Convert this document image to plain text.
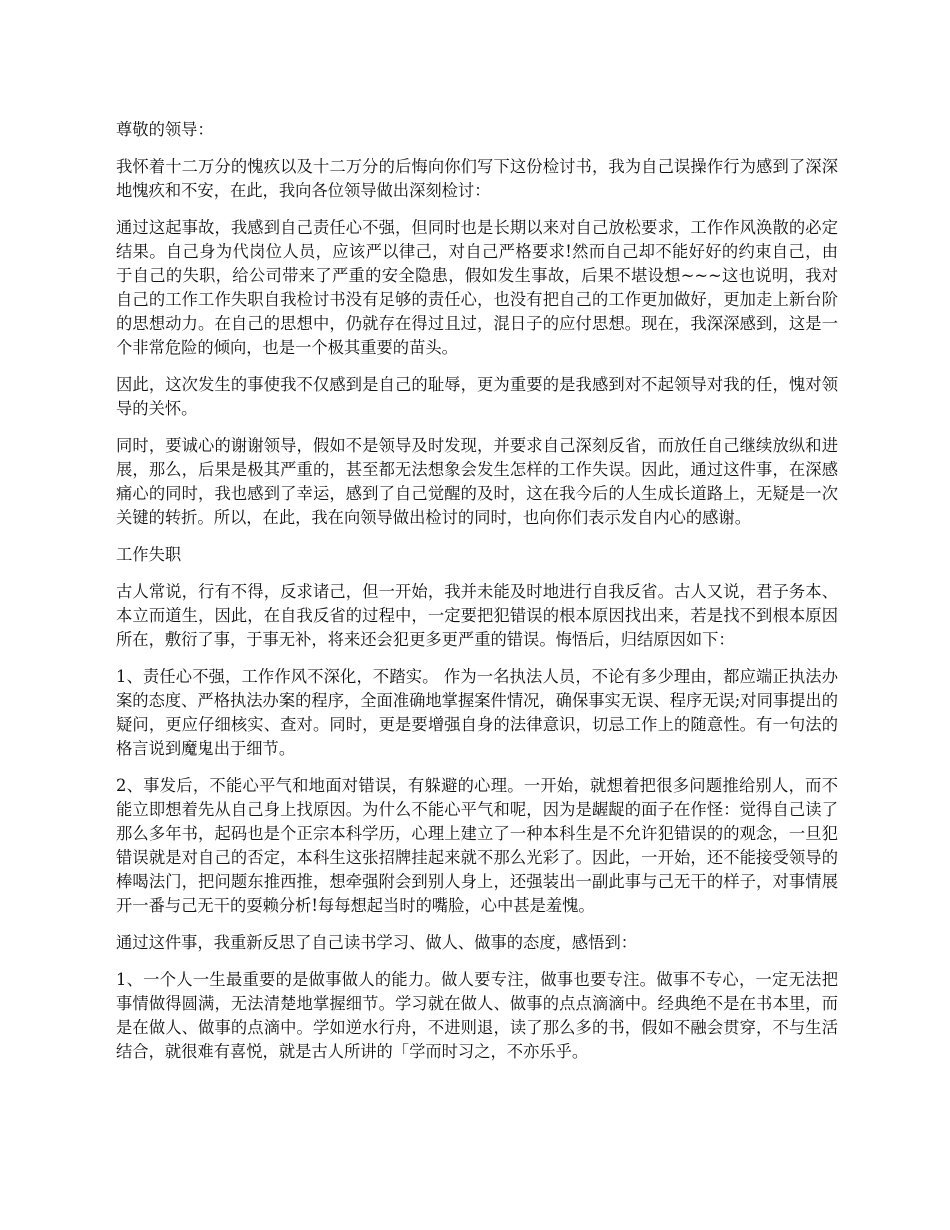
尊敬的领导：

我怀着十二万分的愧疚以及十二万分的后悔向你们写下这份检讨书，我为自己误操作行为感到了深深地愧疚和不安，在此，我向各位领导做出深刻检讨：

通过这起事故，我感到自己责任心不强，但同时也是长期以来对自己放松要求，工作作风涣散的必定结果。自己身为代岗位人员，应该严以律己，对自己严格要求!然而自己却不能好好的约束自己，由于自己的失职，给公司带来了严重的安全隐患，假如发生事故，后果不堪设想~~~这也说明，我对自己的工作工作失职自我检讨书没有足够的责任心，也没有把自己的工作更加做好，更加走上新台阶的思想动力。在自己的思想中，仍就存在得过且过，混日子的应付思想。现在，我深深感到，这是一个非常危险的倾向，也是一个极其重要的苗头。

因此，这次发生的事使我不仅感到是自己的耻辱，更为重要的是我感到对不起领导对我的任，愧对领导的关怀。

同时，要诚心的谢谢领导，假如不是领导及时发现，并要求自己深刻反省，而放任自己继续放纵和进展，那么，后果是极其严重的，甚至都无法想象会发生怎样的工作失误。因此，通过这件事，在深感痛心的同时，我也感到了幸运，感到了自己觉醒的及时，这在我今后的人生成长道路上，无疑是一次关键的转折。所以，在此，我在向领导做出检讨的同时，也向你们表示发自内心的感谢。

工作失职

古人常说，行有不得，反求诸己，但一开始，我并未能及时地进行自我反省。古人又说，君子务本、本立而道生，因此，在自我反省的过程中，一定要把犯错误的根本原因找出来，若是找不到根本原因所在，敷衍了事，于事无补，将来还会犯更多更严重的错误。悔悟后，归结原因如下：

1、责任心不强，工作作风不深化，不踏实。 作为一名执法人员，不论有多少理由，都应端正执法办案的态度、严格执法办案的程序，全面准确地掌握案件情况，确保事实无误、程序无误;对同事提出的疑问，更应仔细核实、查对。同时，更是要增强自身的法律意识，切忌工作上的随意性。有一句法的格言说到魔鬼出于细节。

2、事发后，不能心平气和地面对错误，有躲避的心理。一开始，就想着把很多问题推给别人，而不能立即想着先从自己身上找原因。为什么不能心平气和呢，因为是龌龊的面子在作怪：觉得自己读了那么多年书，起码也是个正宗本科学历，心理上建立了一种本科生是不允许犯错误的的观念，一旦犯错误就是对自己的否定，本科生这张招牌挂起来就不那么光彩了。因此，一开始，还不能接受领导的棒喝法门，把问题东推西推，想牵强附会到别人身上，还强装出一副此事与己无干的样子，对事情展开一番与己无干的耍赖分析!每每想起当时的嘴脸，心中甚是羞愧。

通过这件事，我重新反思了自己读书学习、做人、做事的态度，感悟到：

1、一个人一生最重要的是做事做人的能力。做人要专注，做事也要专注。做事不专心，一定无法把事情做得圆满，无法清楚地掌握细节。学习就在做人、做事的点点滴滴中。经典绝不是在书本里，而是在做人、做事的点滴中。学如逆水行舟，不进则退，读了那么多的书，假如不融会贯穿，不与生活结合，就很难有喜悦，就是古人所讲的「学而时习之，不亦乐乎。
